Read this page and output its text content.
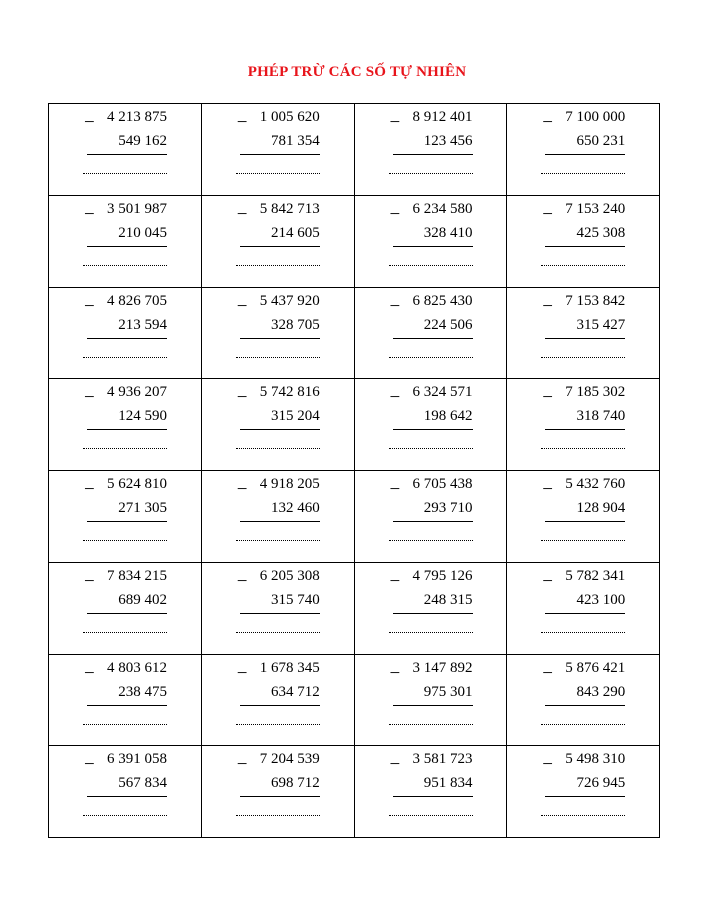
PHÉP TRỪ CÁC SỐ TỰ NHIÊN
− 4 213 875
549 162
− 1 005 620
781 354
− 8 912 401
123 456
− 7 100 000
650 231
− 3 501 987
210 045
− 5 842 713
214 605
− 6 234 580
328 410
− 7 153 240
425 308
− 4 826 705
213 594
− 5 437 920
328 705
− 6 825 430
224 506
− 7 153 842
315 427
− 4 936 207
124 590
− 5 742 816
315 204
− 6 324 571
198 642
− 7 185 302
318 740
− 5 624 810
271 305
− 4 918 205
132 460
− 6 705 438
293 710
− 5 432 760
128 904
− 7 834 215
689 402
− 6 205 308
315 740
− 4 795 126
248 315
− 5 782 341
423 100
− 4 803 612
238 475
− 1 678 345
634 712
− 3 147 892
975 301
− 5 876 421
843 290
− 6 391 058
567 834
− 7 204 539
698 712
− 3 581 723
951 834
− 5 498 310
726 945
